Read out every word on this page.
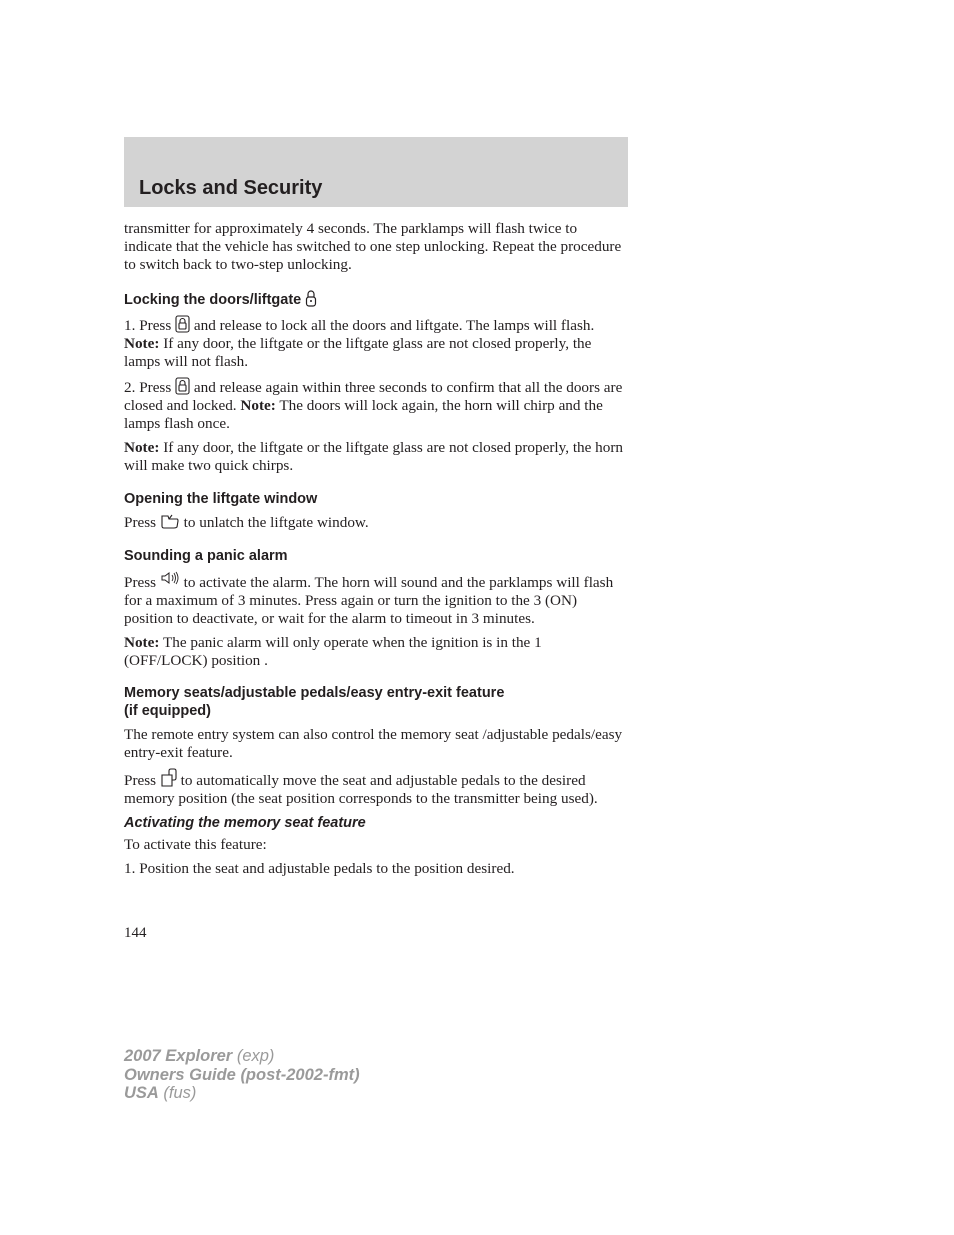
Locks and Security

transmitter for approximately 4 seconds. The parklamps will flash twice to indicate that the vehicle has switched to one step unlocking. Repeat the procedure to switch back to two-step unlocking.

Locking the doors/liftgate

1. Press
and release to lock all the doors and liftgate. The lamps will flash. Note: If any door, the liftgate or the liftgate glass are not closed properly, the lamps will not flash.

2. Press
and release again within three seconds to confirm that all the doors are closed and locked. Note: The doors will lock again, the horn will chirp and the lamps flash once.

Note: If any door, the liftgate or the liftgate glass are not closed properly, the horn will make two quick chirps.

Opening the liftgate window

Press
to unlatch the liftgate window.

Sounding a panic alarm

Press
to activate the alarm. The horn will sound and the parklamps will flash for a maximum of 3 minutes. Press again or turn the ignition to the 3 (ON) position to deactivate, or wait for the alarm to timeout in 3 minutes.

Note: The panic alarm will only operate when the ignition is in the 1 (OFF/LOCK) position .

Memory seats/adjustable pedals/easy entry-exit feature
(if equipped)

The remote entry system can also control the memory seat /adjustable pedals/easy entry-exit feature.

Press
to automatically move the seat and adjustable pedals to the desired memory position (the seat position corresponds to the transmitter being used).

Activating the memory seat feature

To activate this feature:

1. Position the seat and adjustable pedals to the position desired.

144
2007 Explorer (exp)
Owners Guide (post-2002-fmt)
USA (fus)
